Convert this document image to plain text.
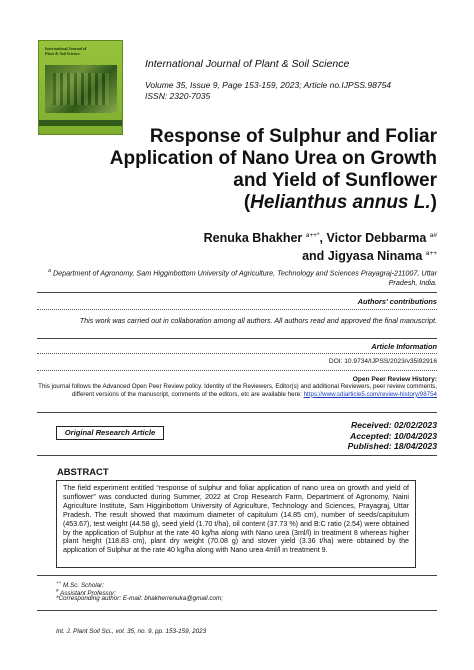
International Journal of
Plant & Soil Science
International Journal of Plant & Soil Science
Volume 35, Issue 9, Page 153-159, 2023; Article no.IJPSS.98754
ISSN: 2320-7035
Response of Sulphur and Foliar
Application of Nano Urea on Growth
and Yield of Sunflower
(Helianthus annus L.)
Renuka Bhakher $^{a++*}$, Victor Debbarma $^{a\#}$
and Jigyasa Ninama $^{a++}$
$^a$ Department of Agronomy, Sam Higginbottom University of Agriculture, Technology and Sciences Prayagraj-211007, Uttar Pradesh, India.
Authors' contributions
This work was carried out in collaboration among all authors. All authors read and approved the final manuscript.
Article Information
DOI: 10.9734/IJPSS/2023/v35i92916
Open Peer Review History:
This journal follows the Advanced Open Peer Review policy. Identity of the Reviewers, Editor(s) and additional Reviewers, peer review comments, different versions of the manuscript, comments of the editors, etc are available here: https://www.sdiarticle5.com/review-history/98754
Original Research Article
Received: 02/02/2023
Accepted: 10/04/2023
Published: 18/04/2023
ABSTRACT
The field experiment entitled “response of sulphur and foliar application of nano urea on growth and yield of sunflower” was conducted during Summer, 2022 at Crop Research Farm, Department of Agronomy, Naini Agriculture Institute, Sam Higginbottom University of Agriculture, Technology and Sciences, Prayagraj, Uttar Pradesh. The result showed that maximum diameter of capitulum (14.85 cm), number of seeds/capitulum (453.67), test weight (44.58 g), seed yield (1.70 t/ha), oil content (37.73 %) and B:C ratio (2.54) were obtained by the application of Sulphur at the rate 40 kg/ha along with Nano urea (3ml/l) in treatment 8 whereas higher plant height (118.83 cm), plant dry weight (70.08 g) and stover yield (3.36 t/ha) were obtained by the application of Sulphur at the rate 40 kg/ha along with Nano urea 4ml/l in treatment 9.
++ M.Sc. Scholar;
# Assistant Professor;
*Corresponding author: E-mail: bhakherrenuka@gmail.com;
Int. J. Plant Soil Sci., vol. 35, no. 9, pp. 153-159, 2023
